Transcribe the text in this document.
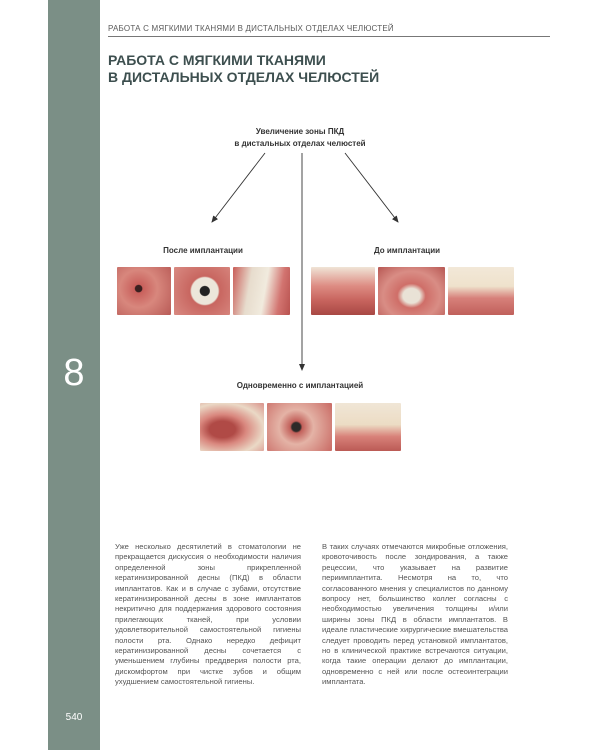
8
540
РАБОТА С МЯГКИМИ ТКАНЯМИ В ДИСТАЛЬНЫХ ОТДЕЛАХ ЧЕЛЮСТЕЙ
РАБОТА С МЯГКИМИ ТКАНЯМИ
В ДИСТАЛЬНЫХ ОТДЕЛАХ ЧЕЛЮСТЕЙ
Увеличение зоны ПКД
в дистальных отделах челюстей
После имплантации	До имплантации
Одновременно с имплантацией

Уже несколько десятилетий в стоматологии не прекращается дискуссия о необходимости наличия определенной зоны прикрепленной кератинизированной десны (ПКД) в области имплантатов. Как и в случае с зубами, отсутствие кератинизированной десны в зоне имплантатов некритично для поддержания здорового состояния прилегающих тканей, при условии удовлетворительной самостоятельной гигиены полости рта. Однако нередко дефицит кератинизированной десны сочетается с уменьшением глубины преддверия полости рта, дискомфортом при чистке зубов и общим ухудшением самостоятельной гигиены.

В таких случаях отмечаются микробные отложения, кровоточивость после зондирования, а также рецессии, что указывает на развитие периимплантита. Несмотря на то, что согласованного мнения у специалистов по данному вопросу нет, большинство коллег согласны с необходимостью увеличения толщины и/или ширины зоны ПКД в области имплантатов. В идеале пластические хирургические вмешательства следует проводить перед установкой имплантатов, но в клинической практике встречаются ситуации, когда такие операции делают до имплантации, одновременно с ней или после остеоинтеграции имплантата.
